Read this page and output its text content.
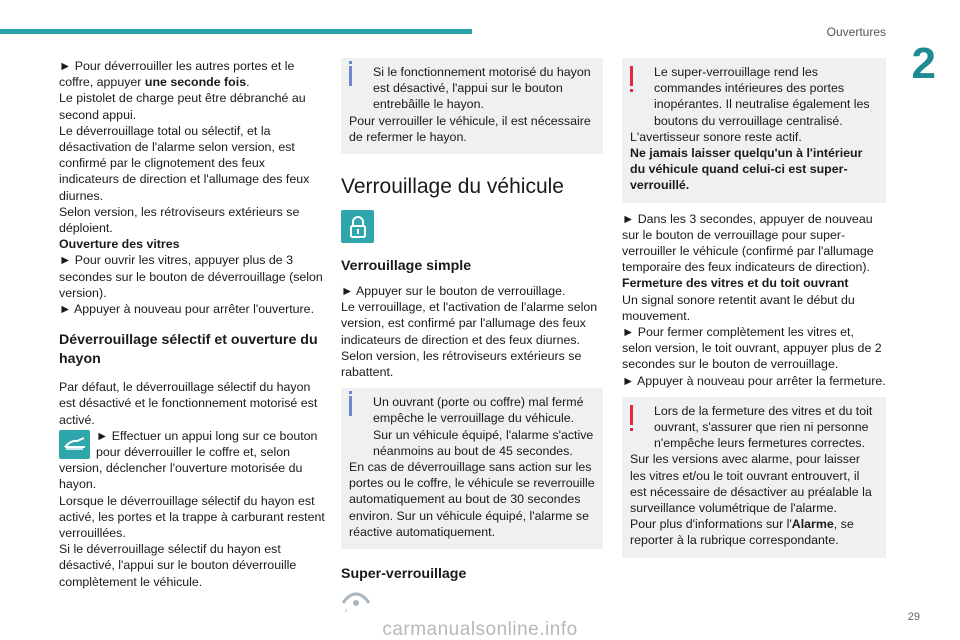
Ouvertures
2

► Pour déverrouiller les autres portes et le coffre, appuyer une seconde fois.

Le pistolet de charge peut être débranché au second appui.

Le déverrouillage total ou sélectif, et la désactivation de l'alarme selon version, est confirmé par le clignotement des feux indicateurs de direction et l'allumage des feux diurnes.

Selon version, les rétroviseurs extérieurs se déploient.

Ouverture des vitres

► Pour ouvrir les vitres, appuyer plus de 3 secondes sur le bouton de déverrouillage (selon version).

► Appuyer à nouveau pour arrêter l'ouverture.

Déverrouillage sélectif et ouverture du hayon

Par défaut, le déverrouillage sélectif du hayon est désactivé et le fonctionnement motorisé est activé.

► Effectuer un appui long sur ce bouton pour déverrouiller le coffre et, selon version, déclencher l'ouverture motorisée du hayon.

Lorsque le déverrouillage sélectif du hayon est activé, les portes et la trappe à carburant restent verrouillées.

Si le déverrouillage sélectif du hayon est désactivé, l'appui sur le bouton déverrouille complètement le véhicule.

Si le fonctionnement motorisé du hayon est désactivé, l'appui sur le bouton entrebâille le hayon.

Pour verrouiller le véhicule, il est nécessaire de refermer le hayon.

Verrouillage du véhicule
Verrouillage simple

► Appuyer sur le bouton de verrouillage.

Le verrouillage, et l'activation de l'alarme selon version, est confirmé par l'allumage des feux indicateurs de direction et des feux diurnes.

Selon version, les rétroviseurs extérieurs se rabattent.

Un ouvrant (porte ou coffre) mal fermé empêche le verrouillage du véhicule. Sur un véhicule équipé, l'alarme s'active néanmoins au bout de 45 secondes.

En cas de déverrouillage sans action sur les portes ou le coffre, le véhicule se reverrouille automatiquement au bout de 30 secondes environ. Sur un véhicule équipé, l'alarme se réactive automatiquement.

Super-verrouillage
Le super-verrouillage rend les commandes intérieures des portes inopérantes. Il neutralise également les boutons du verrouillage centralisé.

L'avertisseur sonore reste actif.

Ne jamais laisser quelqu'un à l'intérieur du véhicule quand celui-ci est super-verrouillé.

► Dans les 3 secondes, appuyer de nouveau sur le bouton de verrouillage pour super-verrouiller le véhicule (confirmé par l'allumage temporaire des feux indicateurs de direction).

Fermeture des vitres et du toit ouvrant

Un signal sonore retentit avant le début du mouvement.

► Pour fermer complètement les vitres et, selon version, le toit ouvrant, appuyer plus de 2 secondes sur le bouton de verrouillage.

► Appuyer à nouveau pour arrêter la fermeture.

Lors de la fermeture des vitres et du toit ouvrant, s'assurer que rien ni personne n'empêche leurs fermetures correctes.

Sur les versions avec alarme, pour laisser les vitres et/ou le toit ouvrant entrouvert, il est nécessaire de désactiver au préalable la surveillance volumétrique de l'alarme.

Pour plus d'informations sur l'Alarme, se reporter à la rubrique correspondante.

29
carmanualsonline.info
